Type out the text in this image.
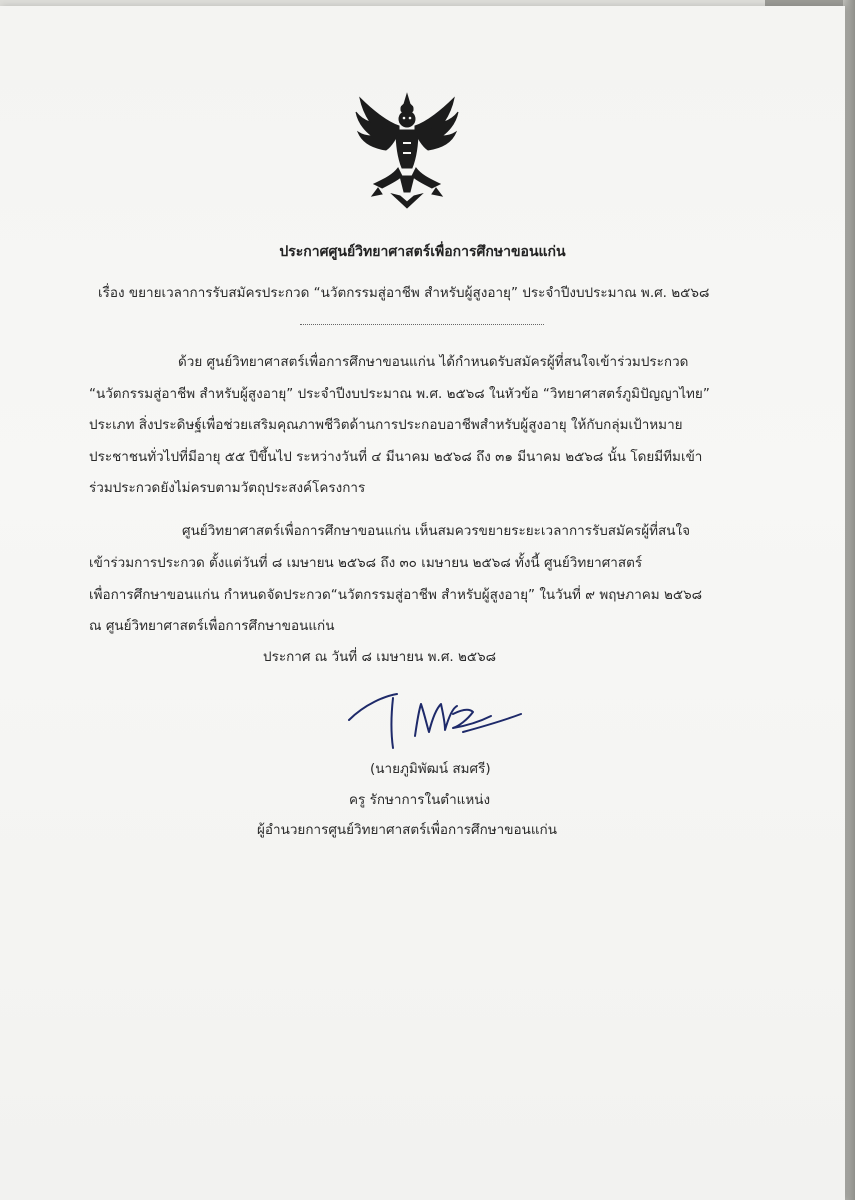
ประกาศศูนย์วิทยาศาสตร์เพื่อการศึกษาขอนแก่น
เรื่อง ขยายเวลาการรับสมัครประกวด “นวัตกรรมสู่อาชีพ สำหรับผู้สูงอายุ” ประจำปีงบประมาณ พ.ศ. ๒๕๖๘
ด้วย ศูนย์วิทยาศาสตร์เพื่อการศึกษาขอนแก่น ได้กำหนดรับสมัครผู้ที่สนใจเข้าร่วมประกวด
“นวัตกรรมสู่อาชีพ สำหรับผู้สูงอายุ” ประจำปีงบประมาณ พ.ศ. ๒๕๖๘ ในหัวข้อ “วิทยาศาสตร์ภูมิปัญญาไทย”
ประเภท สิ่งประดิษฐ์เพื่อช่วยเสริมคุณภาพชีวิตด้านการประกอบอาชีพสำหรับผู้สูงอายุ ให้กับกลุ่มเป้าหมาย
ประชาชนทั่วไปที่มีอายุ ๕๕ ปีขึ้นไป ระหว่างวันที่ ๔ มีนาคม ๒๕๖๘ ถึง ๓๑ มีนาคม ๒๕๖๘ นั้น โดยมีทีมเข้า
ร่วมประกวดยังไม่ครบตามวัตถุประสงค์โครงการ
ศูนย์วิทยาศาสตร์เพื่อการศึกษาขอนแก่น เห็นสมควรขยายระยะเวลาการรับสมัครผู้ที่สนใจ
เข้าร่วมการประกวด ตั้งแต่วันที่ ๘ เมษายน ๒๕๖๘ ถึง ๓๐ เมษายน ๒๕๖๘ ทั้งนี้ ศูนย์วิทยาศาสตร์
เพื่อการศึกษาขอนแก่น กำหนดจัดประกวด“นวัตกรรมสู่อาชีพ สำหรับผู้สูงอายุ” ในวันที่ ๙ พฤษภาคม ๒๕๖๘
ณ ศูนย์วิทยาศาสตร์เพื่อการศึกษาขอนแก่น
ประกาศ ณ วันที่ ๘ เมษายน พ.ศ. ๒๕๖๘
(นายภูมิพัฒน์ สมศรี)
ครู รักษาการในตำแหน่ง
ผู้อำนวยการศูนย์วิทยาศาสตร์เพื่อการศึกษาขอนแก่น
